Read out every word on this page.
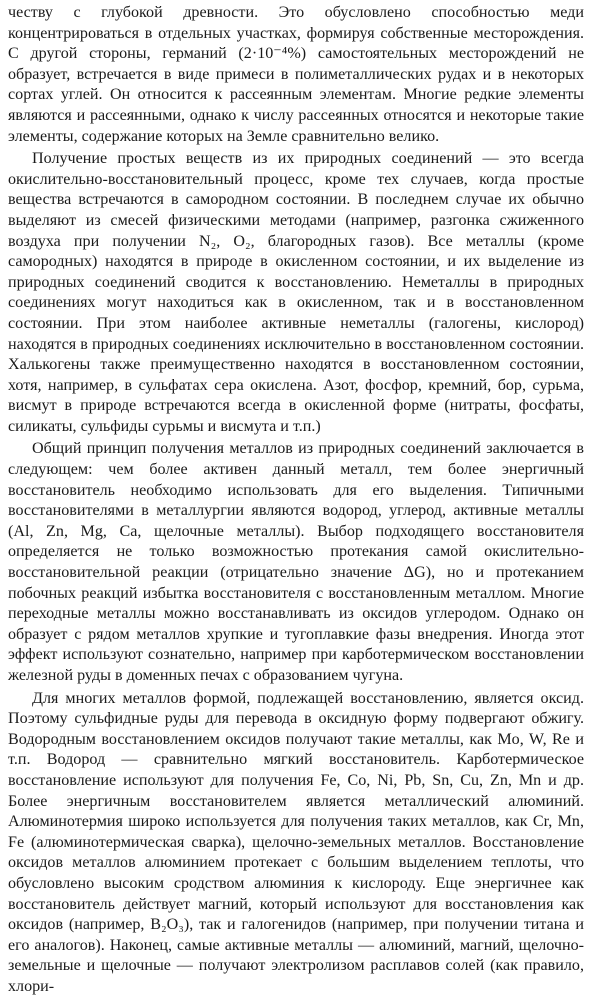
честву с глубокой древности. Это обусловлено способностью меди концентрироваться в отдельных участках, формируя собственные месторождения. С другой стороны, германий (2·10⁻⁴%) самостоятельных месторождений не образует, встречается в виде примеси в полиметаллических рудах и в некоторых сортах углей. Он относится к рассеянным элементам. Многие редкие элементы являются и рассеянными, однако к числу рассеянных относятся и некоторые такие элементы, содержание которых на Земле сравнительно велико.

Получение простых веществ из их природных соединений — это всегда окислительно-восстановительный процесс, кроме тех случаев, когда простые вещества встречаются в самородном состоянии. В последнем случае их обычно выделяют из смесей физическими методами (например, разгонка сжиженного воздуха при получении N₂, O₂, благородных газов). Все металлы (кроме самородных) находятся в природе в окисленном состоянии, и их выделение из природных соединений сводится к восстановлению. Неметаллы в природных соединениях могут находиться как в окисленном, так и в восстановленном состоянии. При этом наиболее активные неметаллы (галогены, кислород) находятся в природных соединениях исключительно в восстановленном состоянии. Халькогены также преимущественно находятся в восстановленном состоянии, хотя, например, в сульфатах сера окислена. Азот, фосфор, кремний, бор, сурьма, висмут в природе встречаются всегда в окисленной форме (нитраты, фосфаты, силикаты, сульфиды сурьмы и висмута и т.п.)

Общий принцип получения металлов из природных соединений заключается в следующем: чем более активен данный металл, тем более энергичный восстановитель необходимо использовать для его выделения. Типичными восстановителями в металлургии являются водород, углерод, активные металлы (Al, Zn, Mg, Ca, щелочные металлы). Выбор подходящего восстановителя определяется не только возможностью протекания самой окислительно-восстановительной реакции (отрицательно значение ΔG), но и протеканием побочных реакций избытка восстановителя с восстановленным металлом. Многие переходные металлы можно восстанавливать из оксидов углеродом. Однако он образует с рядом металлов хрупкие и тугоплавкие фазы внедрения. Иногда этот эффект используют сознательно, например при карботермическом восстановлении железной руды в доменных печах с образованием чугуна.

Для многих металлов формой, подлежащей восстановлению, является оксид. Поэтому сульфидные руды для перевода в оксидную форму подвергают обжигу. Водородным восстановлением оксидов получают такие металлы, как Mo, W, Re и т.п. Водород — сравнительно мягкий восстановитель. Карботермическое восстановление используют для получения Fe, Co, Ni, Pb, Sn, Cu, Zn, Mn и др. Более энергичным восстановителем является металлический алюминий. Алюминотермия широко используется для получения таких металлов, как Cr, Mn, Fe (алюминотермическая сварка), щелочно-земельных металлов. Восстановление оксидов металлов алюминием протекает с большим выделением теплоты, что обусловлено высоким сродством алюминия к кислороду. Еще энергичнее как восстановитель действует магний, который используют для восстановления как оксидов (например, B₂O₃), так и галогенидов (например, при получении титана и его аналогов). Наконец, самые активные металлы — алюминий, магний, щелочно-земельные и щелочные — получают электролизом расплавов солей (как правило, хлори-
